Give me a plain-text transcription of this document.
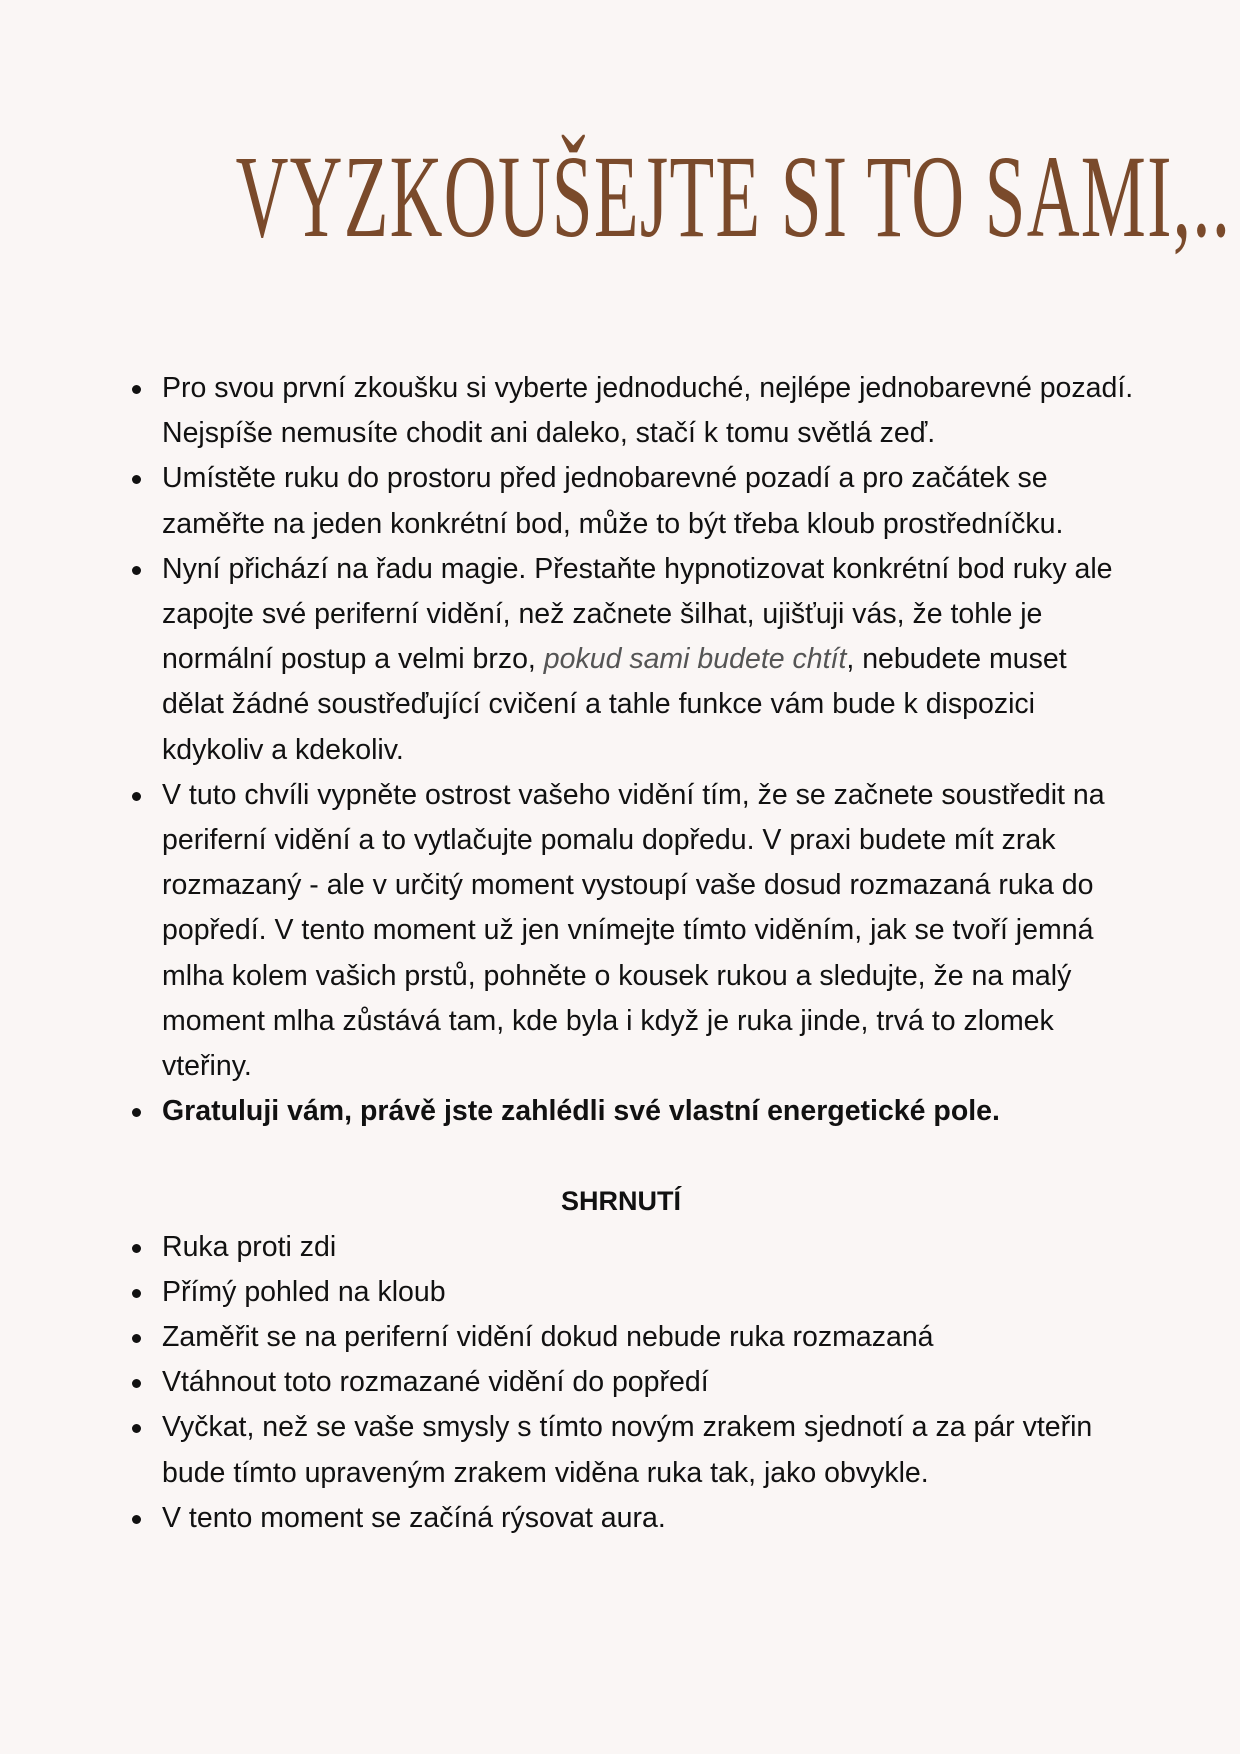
VYZKOUŠEJTE SI TO SAMI,..
Pro svou první zkoušku si vyberte jednoduché, nejlépe jednobarevné pozadí. Nejspíše nemusíte chodit ani daleko, stačí k tomu světlá zeď.
Umístěte ruku do prostoru před jednobarevné pozadí a pro začátek se zaměřte na jeden konkrétní bod, může to být třeba kloub prostředníčku.
Nyní přichází na řadu magie. Přestaňte hypnotizovat konkrétní bod ruky ale zapojte své periferní vidění, než začnete šilhat, ujišťuji vás, že tohle je normální postup a velmi brzo, pokud sami budete chtít, nebudete muset dělat žádné soustřeďující cvičení a tahle funkce vám bude k dispozici kdykoliv a kdekoliv.
V tuto chvíli vypněte ostrost vašeho vidění tím, že se začnete soustředit na periferní vidění a to vytlačujte pomalu dopředu. V praxi budete mít zrak rozmazaný - ale v určitý moment vystoupí vaše dosud rozmazaná ruka do popředí. V tento moment už jen vnímejte tímto viděním, jak se tvoří jemná mlha kolem vašich prstů, pohněte o kousek rukou a sledujte, že na malý moment mlha zůstává tam, kde byla i když je ruka jinde, trvá to zlomek vteřiny.
Gratuluji vám, právě jste zahlédli své vlastní energetické pole.
SHRNUTÍ
Ruka proti zdi
Přímý pohled na kloub
Zaměřit se na periferní vidění dokud nebude ruka rozmazaná
Vtáhnout toto rozmazané vidění do popředí
Vyčkat, než se vaše smysly s tímto novým zrakem sjednotí a za pár vteřin bude tímto upraveným zrakem viděna ruka tak, jako obvykle.
V tento moment se začíná rýsovat aura.
